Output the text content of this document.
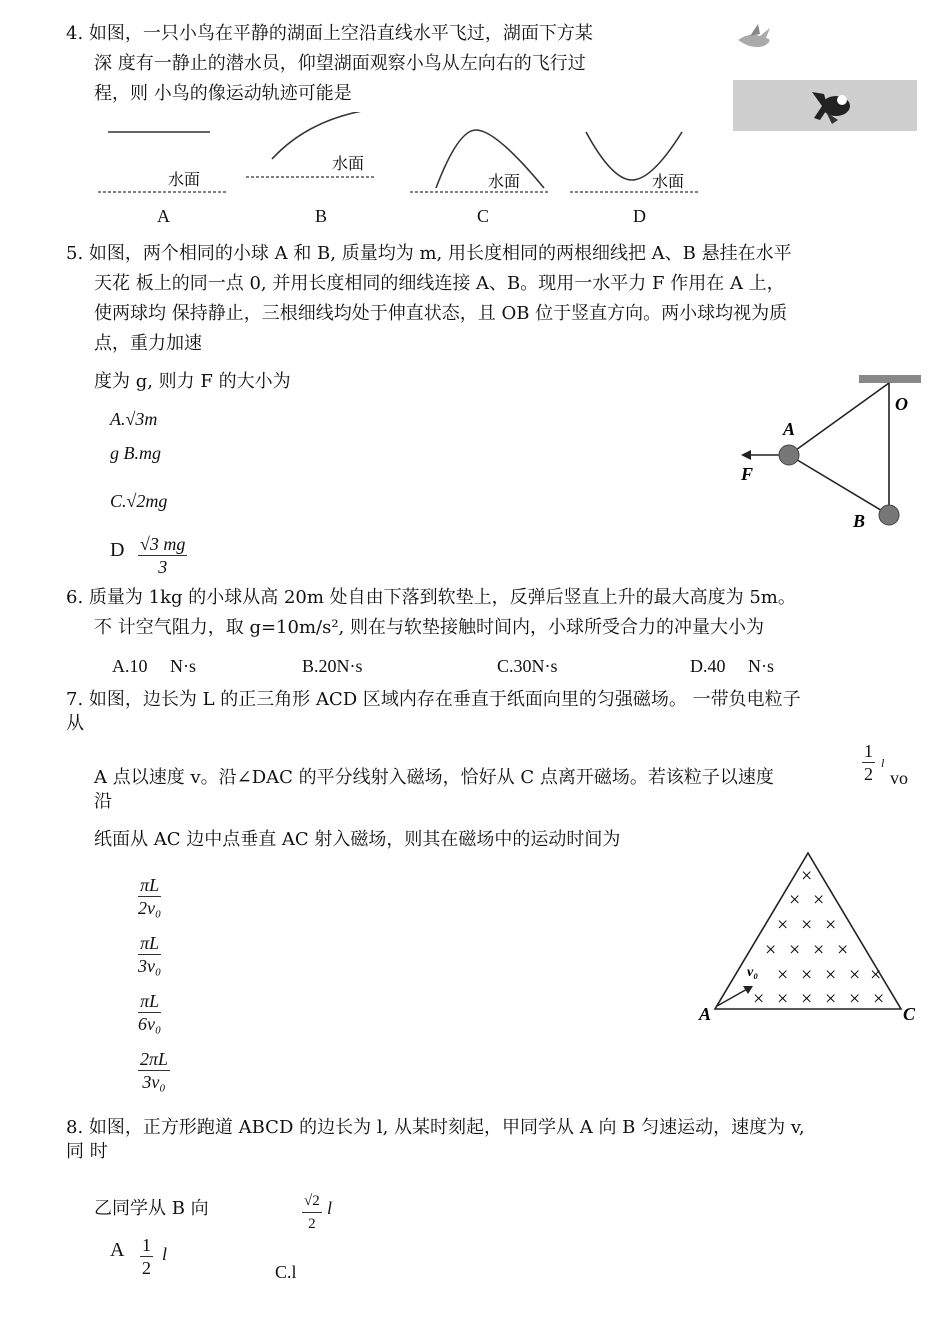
4. 如图，一只小鸟在平静的湖面上空沿直线水平飞过，湖面下方某
深 度有一静止的潜水员，仰望湖面观察小鸟从左向右的飞行过
程，则 小鸟的像运动轨迹可能是
水面
水面
水面	水面
A	B	C	D
5. 如图，两个相同的小球 A 和 B, 质量均为 m, 用长度相同的两根细线把 A、B 悬挂在水平
天花 板上的同一点 0, 并用长度相同的细线连接 A、B。现用一水平力 F 作用在 A 上，
使两球均 保持静止，三根细线均处于伸直状态，且 OB 位于竖直方向。两小球均视为质
点，重力加速
度为 g, 则力 F 的大小为
A.√3m
g B.mg
C.√2mg
D $\frac{√3 mg}{3}$
O
A
B
F
6. 质量为 1kg 的小球从高 20m 处自由下落到软垫上，反弹后竖直上升的最大高度为 5m。
不 计空气阻力，取 g=10m/s², 则在与软垫接触时间内，小球所受合力的冲量大小为
A.10     N·s	B.20N·s	C.30N·s	D.40     N·s
7. 如图，边长为 L 的正三角形 ACD 区域内存在垂直于纸面向里的匀强磁场。 一带负电粒子
从
A 点以速度 v。沿∠DAC 的平分线射入磁场，恰好从 C 点离开磁场。若该粒子以速度	$\frac{1}{2}$ l
vo
沿
纸面从 AC 边中点垂直 AC 射入磁场，则其在磁场中的运动时间为
$\frac{\pi L}{\text{2v₀}}$
$\frac{\pi L}{\text{3v₀}}$
$\frac{\pi L}{\text{6v₀}}$
$\frac{2\pi L}{\text{3v₀}}$
×
× ×
× × ×
× × × ×
× × × × ×
× × × × × ×
v₀
A	C
8. 如图，正方形跑道 ABCD 的边长为 l, 从某时刻起，甲同学从 A 向 B 匀速运动，速度为 v,
同 时
乙同学从 B 向	$\frac{√2}{2}$ l
A $\frac{1}{2}$ l
C.l
